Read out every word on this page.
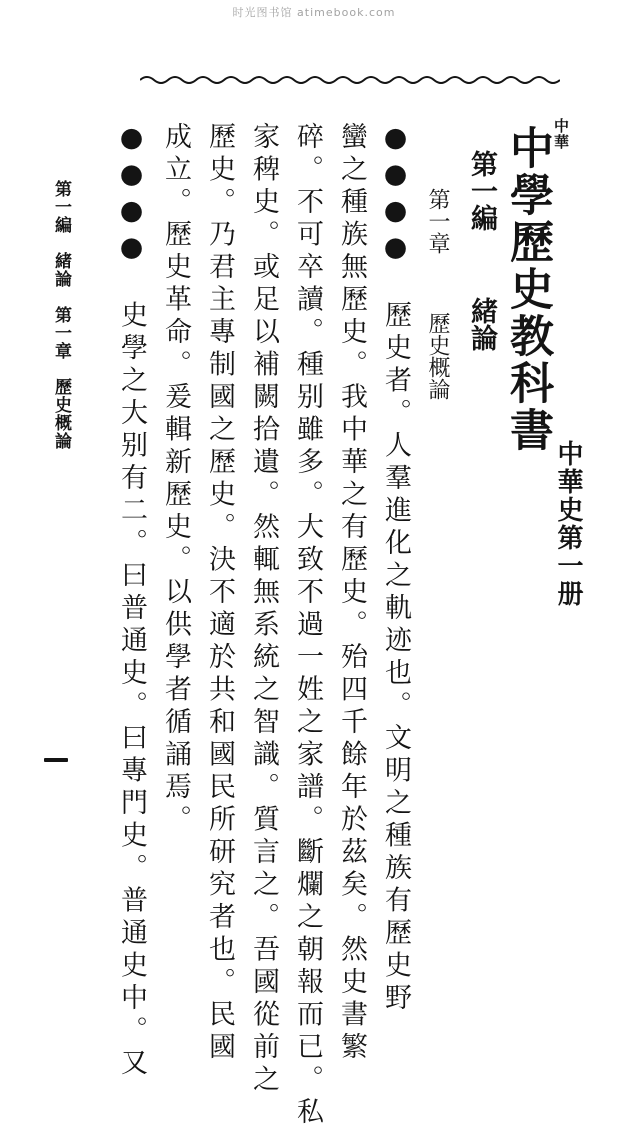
时光图书馆 atimebook.com
中華
中學歷史教科書
中華史第一册
第一編
緒論
第一章
歷史概論
●●●●　歷史者。人羣進化之軌迹也。文明之種族有歷史野
蠻之種族無歷史。我中華之有歷史。殆四千餘年於茲矣。然史書繁
碎。不可卒讀。種别雖多。大致不過一姓之家譜。斷爛之朝報而已。私
家稗史。或足以補闕拾遺。然輒無系統之智識。質言之。吾國從前之
歷史。乃君主專制國之歷史。決不適於共和國民所研究者也。民國
成立。歷史革命。爰輯新歷史。以供學者循誦焉。
●●●●　史學之大别有二。曰普通史。曰專門史。普通史中。又
第一編　緒論　第一章　歷史概論
